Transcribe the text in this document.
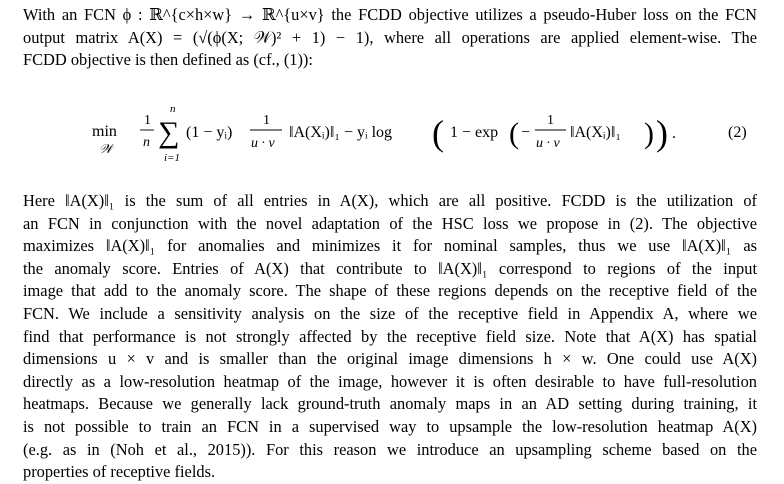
With an FCN ϕ : ℝ^{c×h×w} → ℝ^{u×v} the FCDD objective utilizes a pseudo-Huber loss on the FCN
output matrix A(X) = (√(ϕ(X; 𝒲)² + 1) − 1), where all operations are applied element-wise. The
FCDD objective is then defined as (cf., (1)):
min
𝒲
1
n
n
∑
i=1
(1 − yᵢ)
1
u · v
‖A(Xᵢ)‖₁ − yᵢ log ( 1 − exp ( −
1
u · v
‖A(Xᵢ)‖₁ ) ) .	(2)
Here ‖A(X)‖₁ is the sum of all entries in A(X), which are all positive. FCDD is the utilization of
an FCN in conjunction with the novel adaptation of the HSC loss we propose in (2). The objective
maximizes ‖A(X)‖₁ for anomalies and minimizes it for nominal samples, thus we use ‖A(X)‖₁ as
the anomaly score. Entries of A(X) that contribute to ‖A(X)‖₁ correspond to regions of the input
image that add to the anomaly score. The shape of these regions depends on the receptive field of the
FCN. We include a sensitivity analysis on the size of the receptive field in Appendix A, where we
find that performance is not strongly affected by the receptive field size. Note that A(X) has spatial
dimensions u × v and is smaller than the original image dimensions h × w. One could use A(X)
directly as a low-resolution heatmap of the image, however it is often desirable to have full-resolution
heatmaps. Because we generally lack ground-truth anomaly maps in an AD setting during training, it
is not possible to train an FCN in a supervised way to upsample the low-resolution heatmap A(X)
(e.g. as in (Noh et al., 2015)). For this reason we introduce an upsampling scheme based on the
properties of receptive fields.
